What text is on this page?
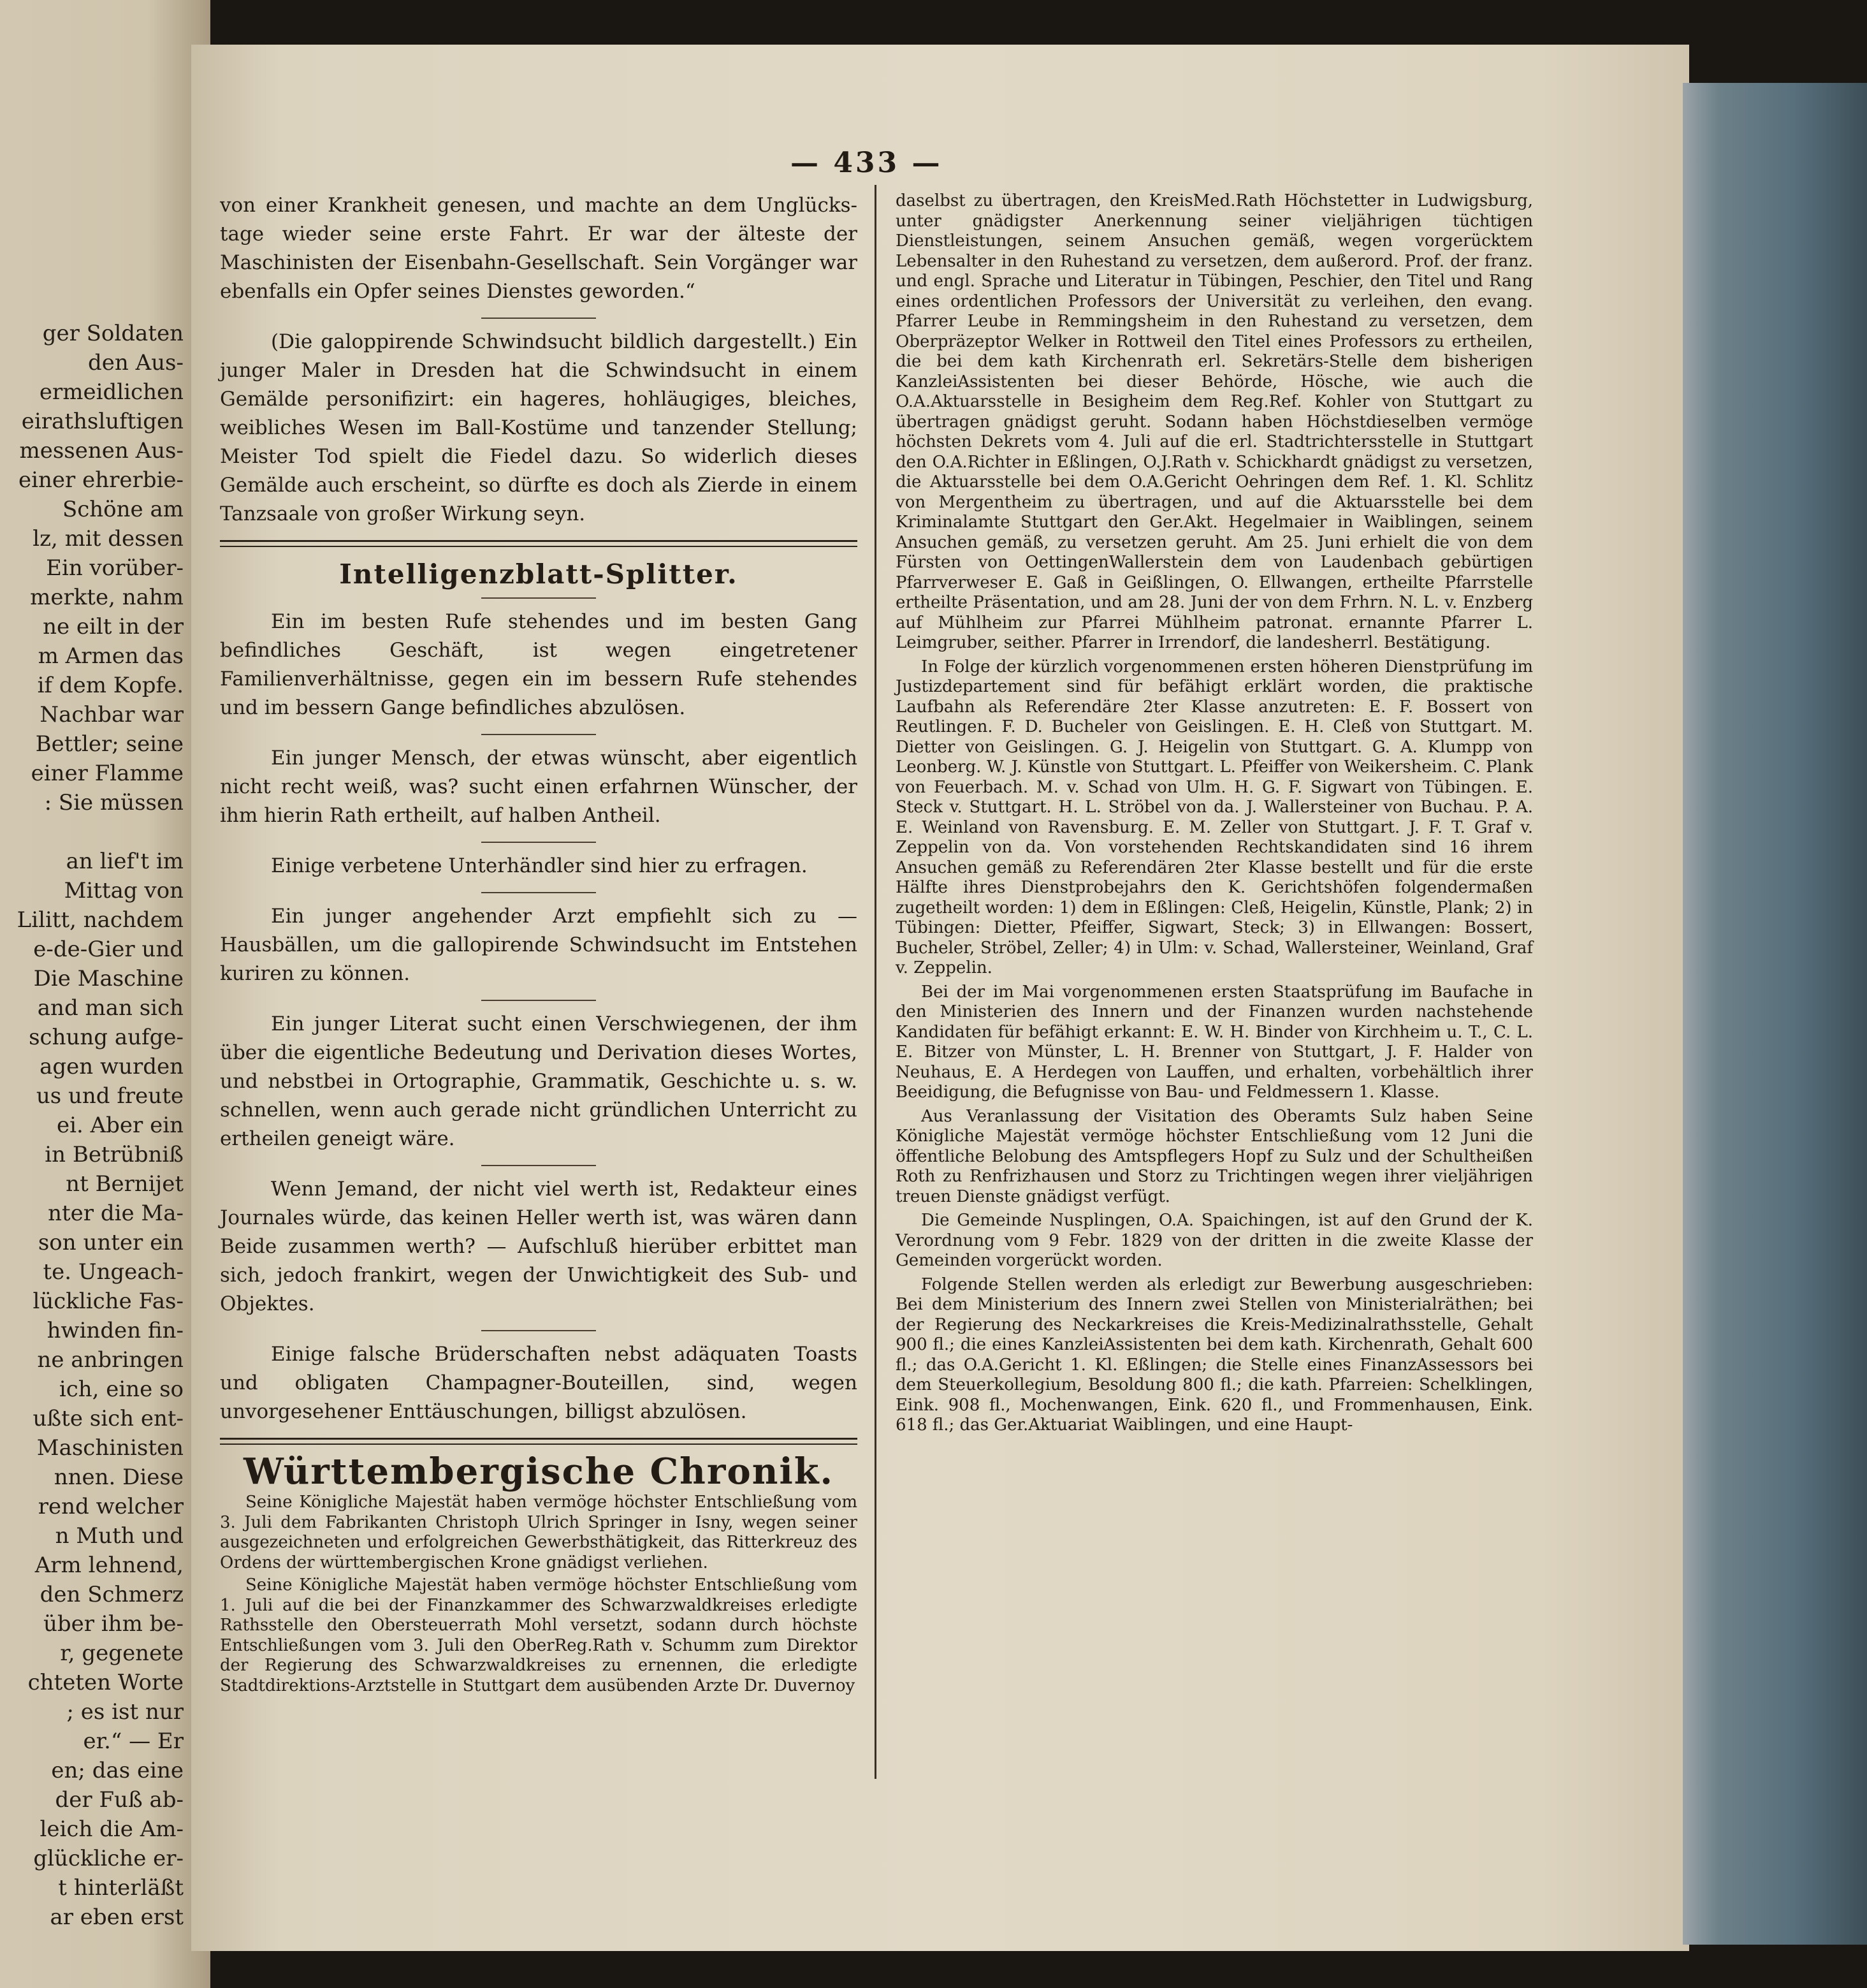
ger Soldaten
den Aus-
ermeidlichen
eirathsluftigen
messenen Aus-
einer ehrerbie-
Schöne am
lz, mit dessen
Ein vorüber-
merkte, nahm
ne eilt in der
m Armen das
if dem Kopfe.
Nachbar war
Bettler; seine
einer Flamme
: Sie müssen

an lief't im
Mittag von
Lilitt, nachdem
e-de-Gier und
Die Maschine
and man sich
schung aufge-
agen wurden
us und freute
ei. Aber ein
in Betrübniß
nt Bernijet
nter die Ma-
son unter ein
te. Ungeach-
lückliche Fas-
hwinden fin-
ne anbringen
ich, eine so
ußte sich ent-
Maschinisten
nnen. Diese
rend welcher
n Muth und
Arm lehnend,
den Schmerz
über ihm be-
r, gegenete
chteten Worte
; es ist nur
er.“ — Er
en; das eine
der Fuß ab-
leich die Am-
glückliche er-
t hinterläßt
ar eben erst
— 433 —

von einer Krankheit genesen, und machte an dem Unglücks-tage wieder seine erste Fahrt. Er war der älteste der Maschinisten der Eisenbahn-Gesellschaft. Sein Vorgänger war ebenfalls ein Opfer seines Dienstes geworden.“

(Die galoppirende Schwindsucht bildlich dargestellt.) Ein junger Maler in Dresden hat die Schwindsucht in einem Gemälde personifizirt: ein hageres, hohläugiges, bleiches, weibliches Wesen im Ball-Kostüme und tanzender Stellung; Meister Tod spielt die Fiedel dazu. So widerlich dieses Gemälde auch erscheint, so dürfte es doch als Zierde in einem Tanzsaale von großer Wirkung seyn.

Intelligenzblatt-Splitter.

Ein im besten Rufe stehendes und im besten Gang befindliches Geschäft, ist wegen eingetretener Familienverhältnisse, gegen ein im bessern Rufe stehendes und im bessern Gange befindliches abzulösen.

Ein junger Mensch, der etwas wünscht, aber eigentlich nicht recht weiß, was? sucht einen erfahrnen Wünscher, der ihm hierin Rath ertheilt, auf halben Antheil.

Einige verbetene Unterhändler sind hier zu erfragen.

Ein junger angehender Arzt empfiehlt sich zu — Hausbällen, um die gallopirende Schwindsucht im Entstehen kuriren zu können.

Ein junger Literat sucht einen Verschwiegenen, der ihm über die eigentliche Bedeutung und Derivation dieses Wortes, und nebstbei in Ortographie, Grammatik, Geschichte u. s. w. schnellen, wenn auch gerade nicht gründlichen Unterricht zu ertheilen geneigt wäre.

Wenn Jemand, der nicht viel werth ist, Redakteur eines Journales würde, das keinen Heller werth ist, was wären dann Beide zusammen werth? — Aufschluß hierüber erbittet man sich, jedoch frankirt, wegen der Unwichtigkeit des Sub- und Objektes.

Einige falsche Brüderschaften nebst adäquaten Toasts und obligaten Champagner-Bouteillen, sind, wegen unvorgesehener Enttäuschungen, billigst abzulösen.

Württembergische Chronik.

Seine Königliche Majestät haben vermöge höchster Entschließung vom 3. Juli dem Fabrikanten Christoph Ulrich Springer in Isny, wegen seiner ausgezeichneten und erfolgreichen Gewerbsthätigkeit, das Ritterkreuz des Ordens der württembergischen Krone gnädigst verliehen.

Seine Königliche Majestät haben vermöge höchster Entschließung vom 1. Juli auf die bei der Finanzkammer des Schwarzwaldkreises erledigte Rathsstelle den Obersteuerrath Mohl versetzt, sodann durch höchste Entschließungen vom 3. Juli den OberReg.Rath v. Schumm zum Direktor der Regierung des Schwarzwaldkreises zu ernennen, die erledigte Stadtdirektions-Arztstelle in Stuttgart dem ausübenden Arzte Dr. Duvernoy

daselbst zu übertragen, den KreisMed.Rath Höchstetter in Ludwigsburg, unter gnädigster Anerkennung seiner vieljährigen tüchtigen Dienstleistungen, seinem Ansuchen gemäß, wegen vorgerücktem Lebensalter in den Ruhestand zu versetzen, dem außerord. Prof. der franz. und engl. Sprache und Literatur in Tübingen, Peschier, den Titel und Rang eines ordentlichen Professors der Universität zu verleihen, den evang. Pfarrer Leube in Remmingsheim in den Ruhestand zu versetzen, dem Oberpräzeptor Welker in Rottweil den Titel eines Professors zu ertheilen, die bei dem kath Kirchenrath erl. Sekretärs-Stelle dem bisherigen KanzleiAssistenten bei dieser Behörde, Hösche, wie auch die O.A.Aktuarsstelle in Besigheim dem Reg.Ref. Kohler von Stuttgart zu übertragen gnädigst geruht. Sodann haben Höchstdieselben vermöge höchsten Dekrets vom 4. Juli auf die erl. Stadtrichtersstelle in Stuttgart den O.A.Richter in Eßlingen, O.J.Rath v. Schickhardt gnädigst zu versetzen, die Aktuarsstelle bei dem O.A.Gericht Oehringen dem Ref. 1. Kl. Schlitz von Mergentheim zu übertragen, und auf die Aktuarsstelle bei dem Kriminalamte Stuttgart den Ger.Akt. Hegelmaier in Waiblingen, seinem Ansuchen gemäß, zu versetzen geruht. Am 25. Juni erhielt die von dem Fürsten von OettingenWallerstein dem von Laudenbach gebürtigen Pfarrverweser E. Gaß in Geißlingen, O. Ellwangen, ertheilte Pfarrstelle ertheilte Präsentation, und am 28. Juni der von dem Frhrn. N. L. v. Enzberg auf Mühlheim zur Pfarrei Mühlheim patronat. ernannte Pfarrer L. Leimgruber, seither. Pfarrer in Irrendorf, die landesherrl. Bestätigung.

In Folge der kürzlich vorgenommenen ersten höheren Dienstprüfung im Justizdepartement sind für befähigt erklärt worden, die praktische Laufbahn als Referendäre 2ter Klasse anzutreten: E. F. Bossert von Reutlingen. F. D. Bucheler von Geislingen. E. H. Cleß von Stuttgart. M. Dietter von Geislingen. G. J. Heigelin von Stuttgart. G. A. Klumpp von Leonberg. W. J. Künstle von Stuttgart. L. Pfeiffer von Weikersheim. C. Plank von Feuerbach. M. v. Schad von Ulm. H. G. F. Sigwart von Tübingen. E. Steck v. Stuttgart. H. L. Ströbel von da. J. Wallersteiner von Buchau. P. A. E. Weinland von Ravensburg. E. M. Zeller von Stuttgart. J. F. T. Graf v. Zeppelin von da. Von vorstehenden Rechtskandidaten sind 16 ihrem Ansuchen gemäß zu Referendären 2ter Klasse bestellt und für die erste Hälfte ihres Dienstprobejahrs den K. Gerichtshöfen folgendermaßen zugetheilt worden: 1) dem in Eßlingen: Cleß, Heigelin, Künstle, Plank; 2) in Tübingen: Dietter, Pfeiffer, Sigwart, Steck; 3) in Ellwangen: Bossert, Bucheler, Ströbel, Zeller; 4) in Ulm: v. Schad, Wallersteiner, Weinland, Graf v. Zeppelin.

Bei der im Mai vorgenommenen ersten Staatsprüfung im Baufache in den Ministerien des Innern und der Finanzen wurden nachstehende Kandidaten für befähigt erkannt: E. W. H. Binder von Kirchheim u. T., C. L. E. Bitzer von Münster, L. H. Brenner von Stuttgart, J. F. Halder von Neuhaus, E. A Herdegen von Lauffen, und erhalten, vorbehältlich ihrer Beeidigung, die Befugnisse von Bau- und Feldmessern 1. Klasse.

Aus Veranlassung der Visitation des Oberamts Sulz haben Seine Königliche Majestät vermöge höchster Entschließung vom 12 Juni die öffentliche Belobung des Amtspflegers Hopf zu Sulz und der Schultheißen Roth zu Renfrizhausen und Storz zu Trichtingen wegen ihrer vieljährigen treuen Dienste gnädigst verfügt.

Die Gemeinde Nusplingen, O.A. Spaichingen, ist auf den Grund der K. Verordnung vom 9 Febr. 1829 von der dritten in die zweite Klasse der Gemeinden vorgerückt worden.

Folgende Stellen werden als erledigt zur Bewerbung ausgeschrieben: Bei dem Ministerium des Innern zwei Stellen von Ministerialräthen; bei der Regierung des Neckarkreises die Kreis-Medizinalrathsstelle, Gehalt 900 fl.; die eines KanzleiAssistenten bei dem kath. Kirchenrath, Gehalt 600 fl.; das O.A.Gericht 1. Kl. Eßlingen; die Stelle eines FinanzAssessors bei dem Steuerkollegium, Besoldung 800 fl.; die kath. Pfarreien: Schelklingen, Eink. 908 fl., Mochenwangen, Eink. 620 fl., und Frommenhausen, Eink. 618 fl.; das Ger.Aktuariat Waiblingen, und eine Haupt-
